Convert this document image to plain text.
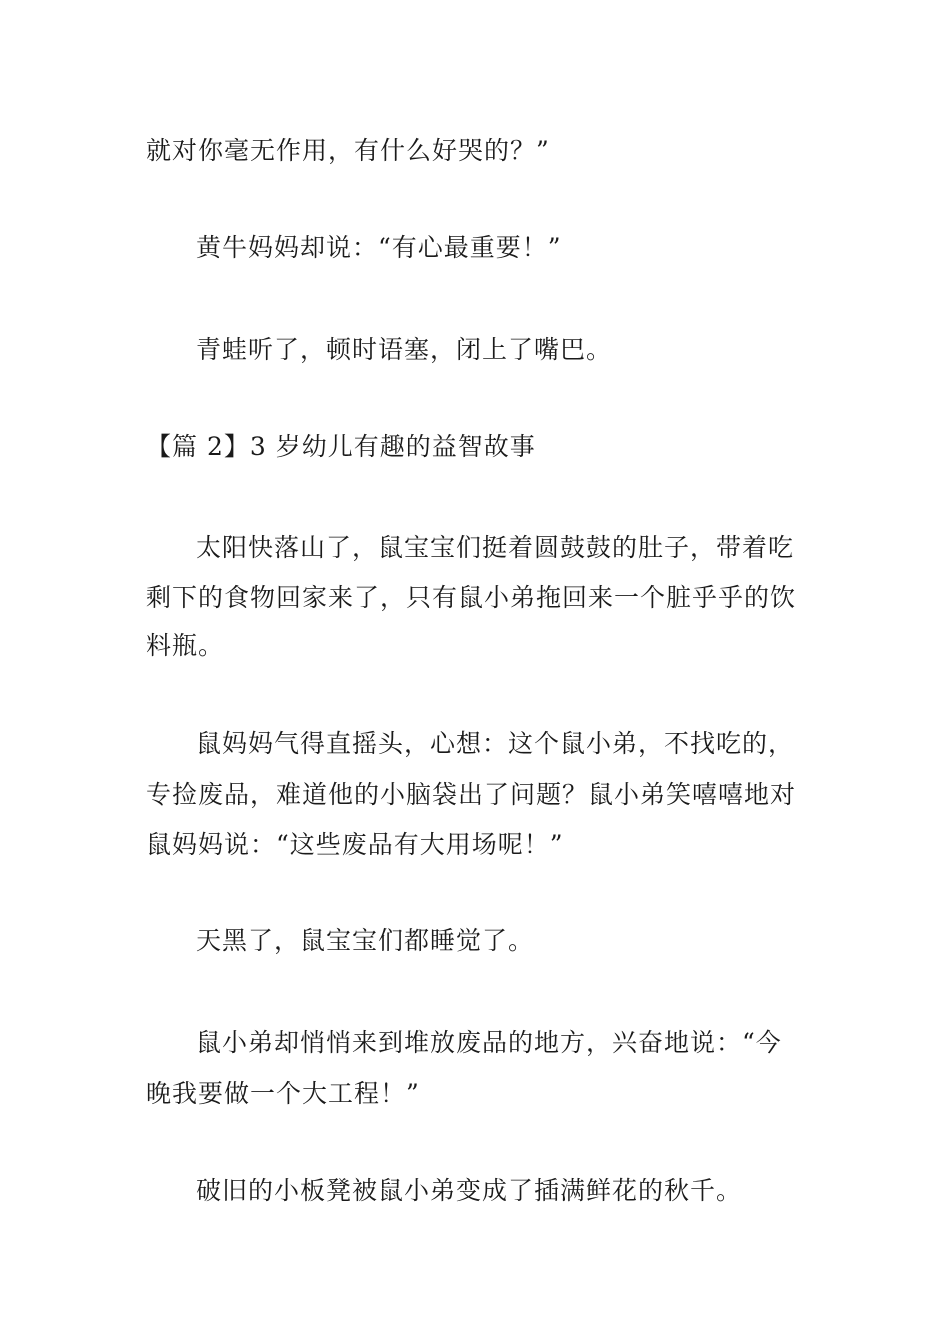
就对你毫无作用，有什么好哭的？”
黄牛妈妈却说：“有心最重要！”
青蛙听了，顿时语塞，闭上了嘴巴。
【篇 2】3 岁幼儿有趣的益智故事
太阳快落山了，鼠宝宝们挺着圆鼓鼓的肚子，带着吃
剩下的食物回家来了，只有鼠小弟拖回来一个脏乎乎的饮
料瓶。
鼠妈妈气得直摇头，心想：这个鼠小弟，不找吃的，
专捡废品，难道他的小脑袋出了问题？鼠小弟笑嘻嘻地对
鼠妈妈说：“这些废品有大用场呢！”
天黑了，鼠宝宝们都睡觉了。
鼠小弟却悄悄来到堆放废品的地方，兴奋地说：“今
晚我要做一个大工程！”
破旧的小板凳被鼠小弟变成了插满鲜花的秋千。
